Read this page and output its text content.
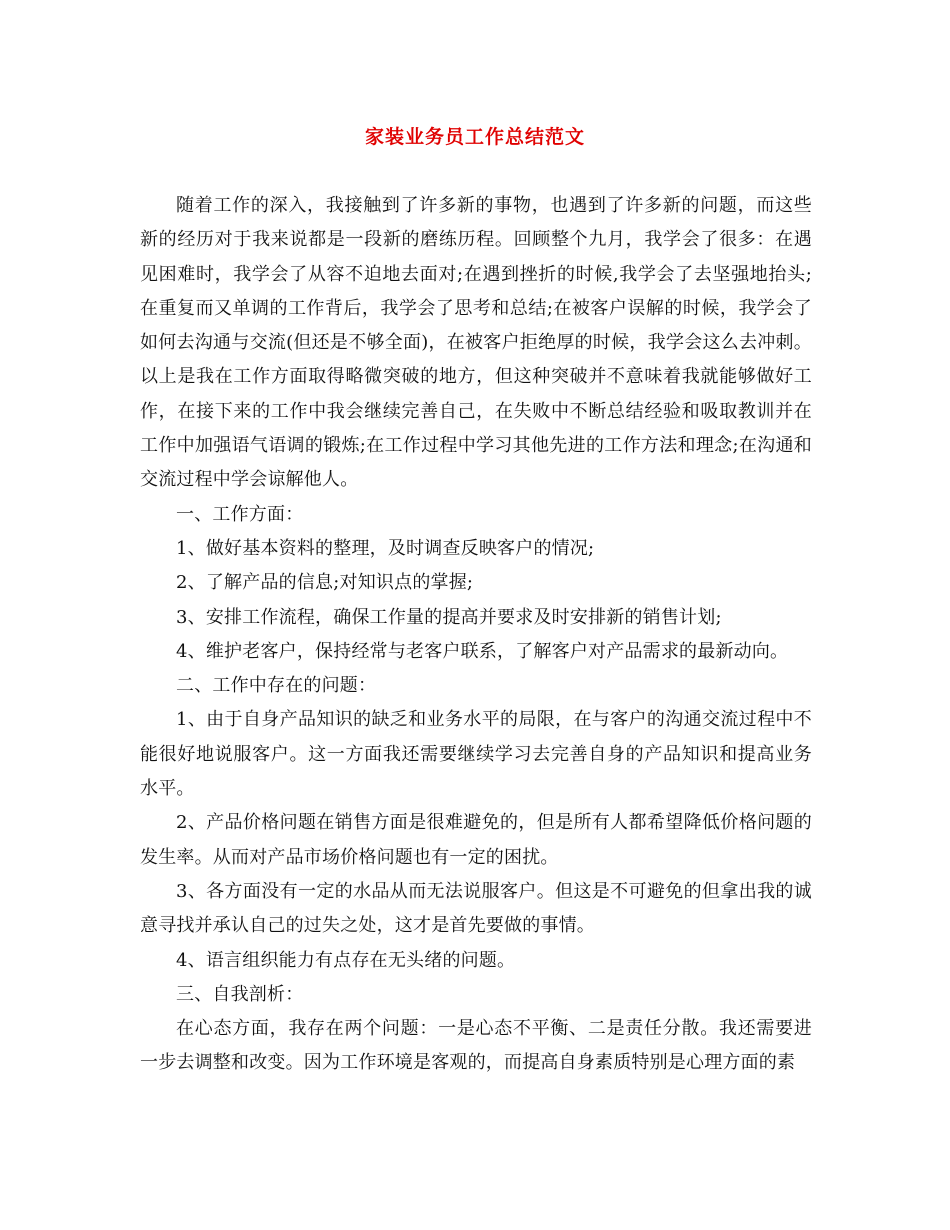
家装业务员工作总结范文

随着工作的深入，我接触到了许多新的事物，也遇到了许多新的问题，而这些新的经历对于我来说都是一段新的磨练历程。回顾整个九月，我学会了很多：在遇见困难时，我学会了从容不迫地去面对;在遇到挫折的时候,我学会了去坚强地抬头;在重复而又单调的工作背后，我学会了思考和总结;在被客户误解的时候，我学会了如何去沟通与交流(但还是不够全面)，在被客户拒绝厚的时候，我学会这么去冲刺。以上是我在工作方面取得略微突破的地方，但这种突破并不意味着我就能够做好工作，在接下来的工作中我会继续完善自己，在失败中不断总结经验和吸取教训并在工作中加强语气语调的锻炼;在工作过程中学习其他先进的工作方法和理念;在沟通和交流过程中学会谅解他人。

一、工作方面：

1、做好基本资料的整理，及时调查反映客户的情况;

2、了解产品的信息;对知识点的掌握;

3、安排工作流程，确保工作量的提高并要求及时安排新的销售计划;

4、维护老客户，保持经常与老客户联系，了解客户对产品需求的最新动向。

二、工作中存在的问题：

1、由于自身产品知识的缺乏和业务水平的局限，在与客户的沟通交流过程中不能很好地说服客户。这一方面我还需要继续学习去完善自身的产品知识和提高业务水平。

2、产品价格问题在销售方面是很难避免的，但是所有人都希望降低价格问题的发生率。从而对产品市场价格问题也有一定的困扰。

3、各方面没有一定的水品从而无法说服客户。但这是不可避免的但拿出我的诚意寻找并承认自己的过失之处，这才是首先要做的事情。

4、语言组织能力有点存在无头绪的问题。

三、自我剖析：

在心态方面，我存在两个问题：一是心态不平衡、二是责任分散。我还需要进一步去调整和改变。因为工作环境是客观的，而提高自身素质特别是心理方面的素
